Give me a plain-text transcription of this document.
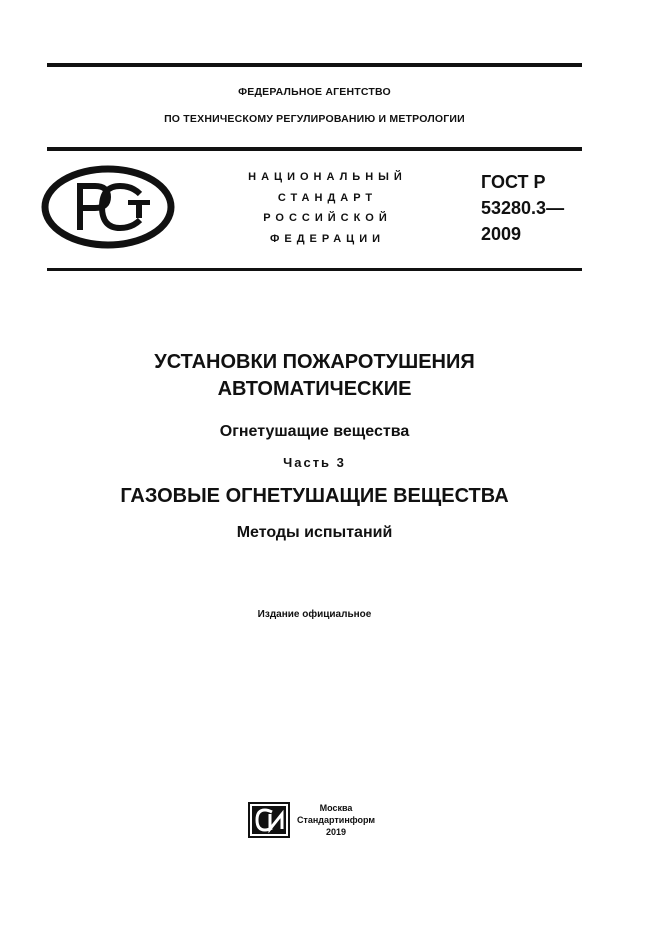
ФЕДЕРАЛЬНОЕ АГЕНТСТВО
ПО ТЕХНИЧЕСКОМУ РЕГУЛИРОВАНИЮ И МЕТРОЛОГИИ
НАЦИОНАЛЬНЫЙ
СТАНДАРТ
РОССИЙСКОЙ
ФЕДЕРАЦИИ
ГОСТ Р
53280.3—
2009
УСТАНОВКИ ПОЖАРОТУШЕНИЯ
АВТОМАТИЧЕСКИЕ
Огнетушащие вещества
Часть 3
ГАЗОВЫЕ ОГНЕТУШАЩИЕ ВЕЩЕСТВА
Методы испытаний
Издание официальное
Москва
Стандартинформ
2019
